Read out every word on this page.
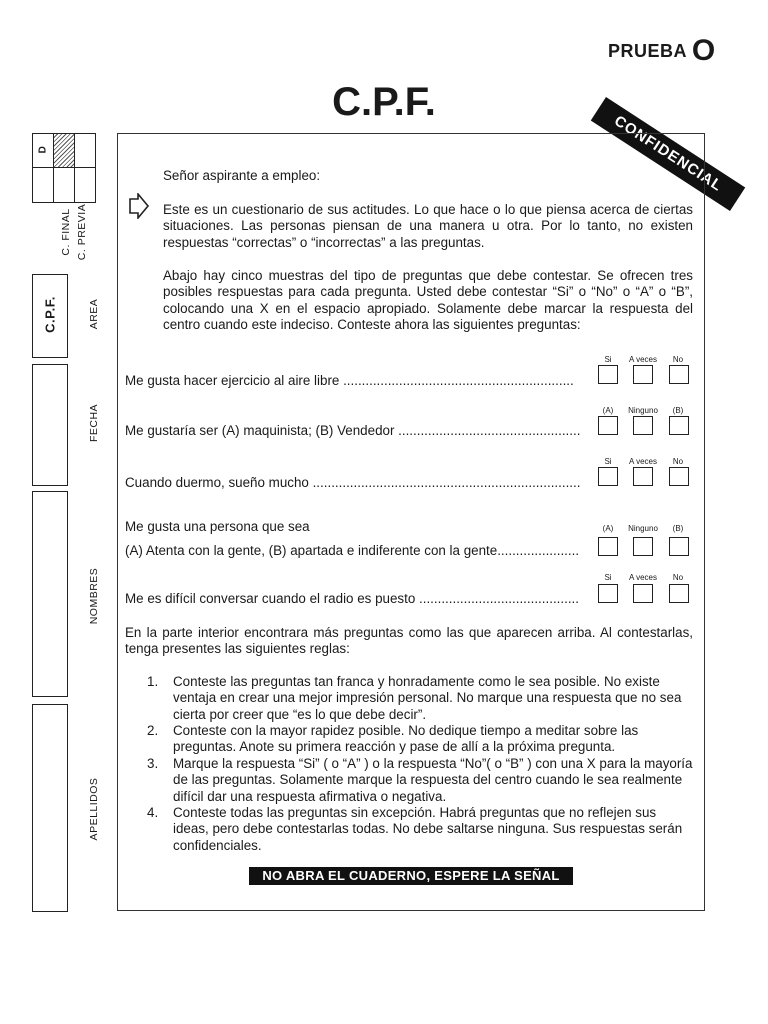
PRUEBA O
C.P.F.
CONFIDENCIAL
D
C. FINAL C. PREVIA
C.P.F.	AREA
FECHA
NOMBRES
APELLIDOS
Señor aspirante a empleo:
Este es un cuestionario de sus actitudes. Lo que hace o lo que piensa acerca de ciertas situaciones. Las personas piensan de una manera u otra. Por lo tanto, no existen respuestas “correctas” o “incorrectas” a las preguntas.
Abajo hay cinco muestras del tipo de preguntas que debe contestar. Se ofrecen tres posibles respuestas para cada pregunta. Usted debe contestar “Si” o “No” o “A” o “B”, colocando una X en el espacio apropiado. Solamente debe marcar la respuesta del centro cuando este indeciso. Conteste ahora las siguientes preguntas:
Si	A veces	No
Me gusta hacer ejercicio al aire libre ..............................................................
(A)	Ninguno	(B)
Me gustaría ser (A) maquinista; (B) Vendedor .................................................
Si	A veces	No
Cuando duermo, sueño mucho ........................................................................
Me gusta una persona que sea	(A)	Ninguno	(B)
(A) Atenta con la gente, (B) apartada e indiferente con la gente......................
Si	A veces	No
Me es difícil conversar cuando el radio es puesto ...........................................
En la parte interior encontrara más preguntas como las que aparecen arriba. Al contestarlas, tenga presentes las siguientes reglas:
1. Conteste las preguntas tan franca y honradamente como le sea posible. No existe ventaja en crear una mejor impresión personal. No marque una respuesta que no sea cierta por creer que “es lo que debe decir”.
2. Conteste con la mayor rapidez posible. No dedique tiempo a meditar sobre las preguntas. Anote su primera reacción y pase de allí a la próxima pregunta.
3. Marque la respuesta “Si” ( o “A” ) o la respuesta “No”( o “B” ) con una X para la mayoría de las preguntas. Solamente marque la respuesta del centro cuando le sea realmente difícil dar una respuesta afirmativa o negativa.
4. Conteste todas las preguntas sin excepción. Habrá preguntas que no reflejen sus ideas, pero debe contestarlas todas. No debe saltarse ninguna. Sus respuestas serán confidenciales.
NO ABRA EL CUADERNO, ESPERE LA SEÑAL
